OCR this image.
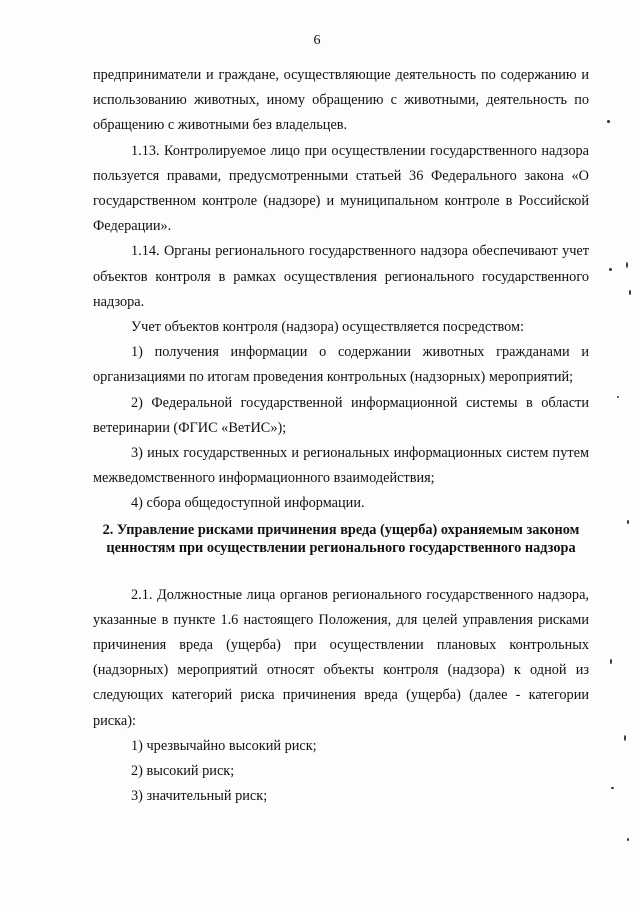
6

предприниматели и граждане, осуществляющие деятельность по содержанию и использованию животных, иному обращению с животными, деятельность по обращению с животными без владельцев.

1.13. Контролируемое лицо при осуществлении государственного надзора пользуется правами, предусмотренными статьей 36 Федерального закона «О государственном контроле (надзоре) и муниципальном контроле в Российской Федерации».

1.14. Органы регионального государственного надзора обеспечивают учет объектов контроля в рамках осуществления регионального государственного надзора.

Учет объектов контроля (надзора) осуществляется посредством:

1) получения информации о содержании животных гражданами и организациями по итогам проведения контрольных (надзорных) мероприятий;

2) Федеральной государственной информационной системы в области ветеринарии (ФГИС «ВетИС»);

3) иных государственных и региональных информационных систем путем межведомственного информационного взаимодействия;

4) сбора общедоступной информации.

2. Управление рисками причинения вреда (ущерба) охраняемым законом ценностям при осуществлении регионального государственного надзора

2.1. Должностные лица органов регионального государственного надзора, указанные в пункте 1.6 настоящего Положения, для целей управления рисками причинения вреда (ущерба) при осуществлении плановых контрольных (надзорных) мероприятий относят объекты контроля (надзора) к одной из следующих категорий риска причинения вреда (ущерба) (далее - категории риска):

1) чрезвычайно высокий риск;

2) высокий риск;

3) значительный риск;
